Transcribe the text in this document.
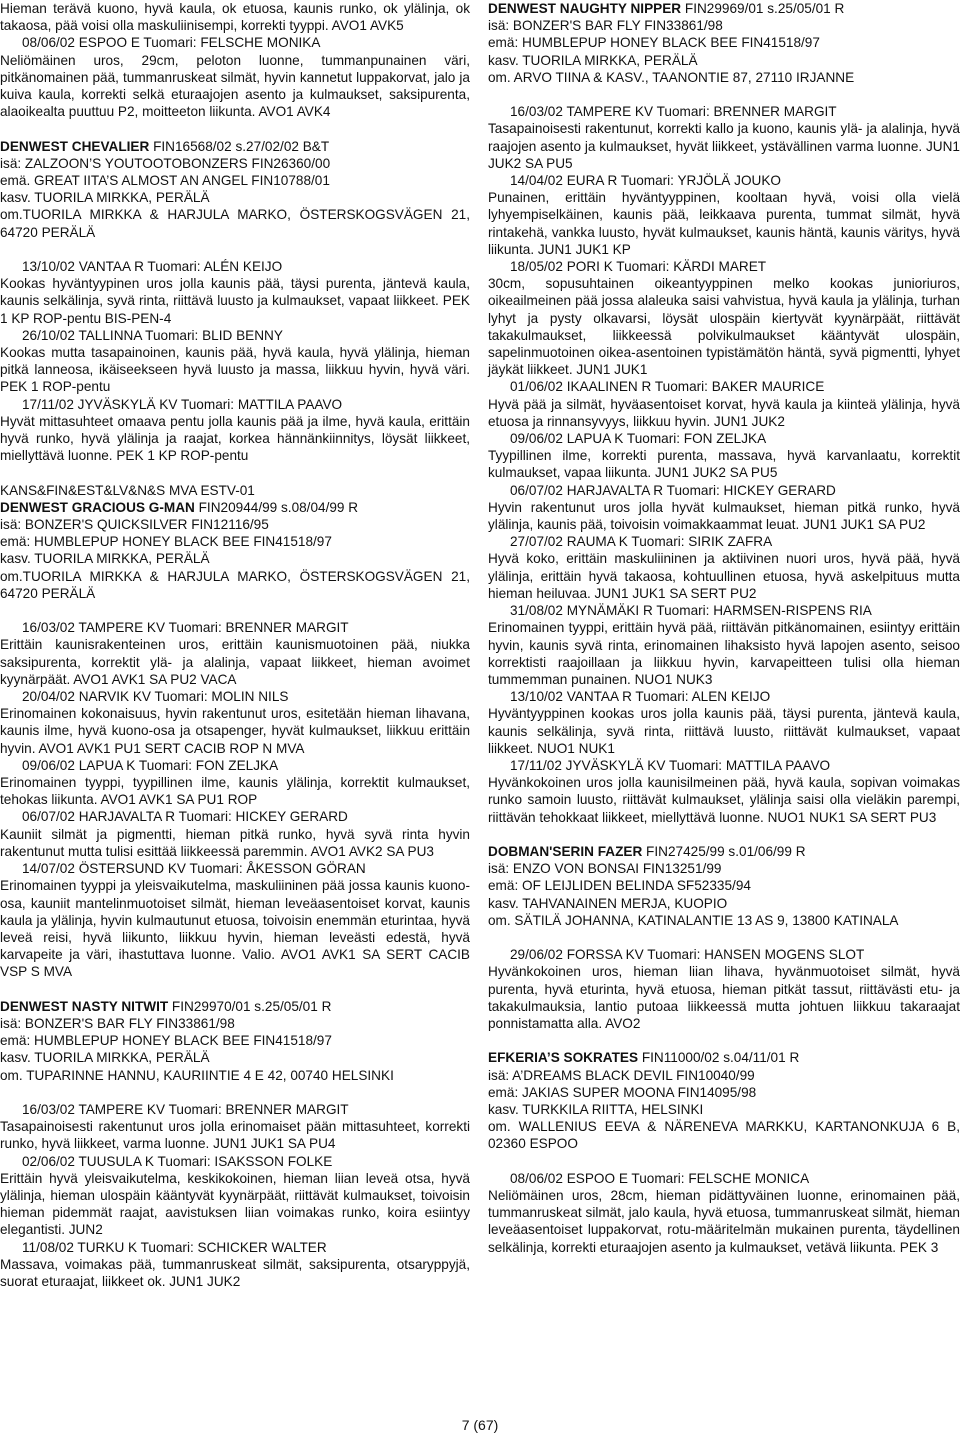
Hieman terävä kuono, hyvä kaula, ok etuosa, kaunis runko, ok ylälinja, ok takaosa, pää voisi olla maskuliinisempi, korrekti tyyppi. AVO1 AVK5

08/06/02 ESPOO E Tuomari: FELSCHE MONIKA

Neliömäinen uros, 29cm, peloton luonne, tummanpunainen väri, pitkänomainen pää, tummanruskeat silmät, hyvin kannetut luppakorvat, jalo ja kuiva kaula, korrekti selkä eturaajojen asento ja kulmaukset, saksipurenta, alaoikealta puuttuu P2, moitteeton liikunta. AVO1 AVK4

DENWEST CHEVALIER FIN16568/02 s.27/02/02 B&T

isä: ZALZOON’S YOUTOOTOBONZERS FIN26360/00

emä. GREAT IITA’S ALMOST AN ANGEL FIN10788/01

kasv. TUORILA MIRKKA, PERÄLÄ

om.TUORILA MIRKKA & HARJULA MARKO, ÖSTERSKOGSVÄGEN 21, 64720 PERÄLÄ

13/10/02 VANTAA R Tuomari: ALÉN KEIJO

Kookas hyväntyypinen uros jolla kaunis pää, täysi purenta, jäntevä kaula, kaunis selkälinja, syvä rinta, riittävä luusto ja kulmaukset, vapaat liikkeet. PEK 1 KP ROP-pentu BIS-PEN-4

26/10/02 TALLINNA Tuomari: BLID BENNY

Kookas mutta tasapainoinen, kaunis pää, hyvä kaula, hyvä ylälinja, hieman pitkä lanneosa, ikäiseekseen hyvä luusto ja massa, liikkuu hyvin, hyvä väri. PEK 1 ROP-pentu

17/11/02 JYVÄSKYLÄ KV Tuomari: MATTILA PAAVO

Hyvät mittasuhteet omaava pentu jolla kaunis pää ja ilme, hyvä kaula, erittäin hyvä runko, hyvä ylälinja ja raajat, korkea hännänkiinnitys, löysät liikkeet, miellyttävä luonne. PEK 1 KP ROP-pentu

KANS&FIN&EST&LV&N&S MVA ESTV-01

DENWEST GRACIOUS G-MAN FIN20944/99 s.08/04/99 R

isä: BONZER'S QUICKSILVER FIN12116/95

emä: HUMBLEPUP HONEY BLACK BEE FIN41518/97

kasv. TUORILA MIRKKA, PERÄLÄ

om.TUORILA MIRKKA & HARJULA MARKO, ÖSTERSKOGSVÄGEN 21, 64720 PERÄLÄ

16/03/02 TAMPERE KV Tuomari: BRENNER MARGIT

Erittäin kaunisrakenteinen uros, erittäin kaunismuotoinen pää, niukka saksipurenta, korrektit ylä- ja alalinja, vapaat liikkeet, hieman avoimet kyynärpäät. AVO1 AVK1 SA PU2 VACA

20/04/02 NARVIK KV Tuomari: MOLIN NILS

Erinomainen kokonaisuus, hyvin rakentunut uros, esitetään hieman lihavana, kaunis ilme, hyvä kuono-osa ja otsapenger, hyvät kulmaukset, liikkuu erittäin hyvin. AVO1 AVK1 PU1 SERT CACIB ROP N MVA

09/06/02 LAPUA K Tuomari: FON ZELJKA

Erinomainen tyyppi, tyypillinen ilme, kaunis ylälinja, korrektit kulmaukset, tehokas liikunta. AVO1 AVK1 SA PU1 ROP

06/07/02 HARJAVALTA R Tuomari: HICKEY GERARD

Kauniit silmät ja pigmentti, hieman pitkä runko, hyvä syvä rinta hyvin rakentunut mutta tulisi esittää liikkeessä paremmin. AVO1 AVK2 SA PU3

14/07/02 ÖSTERSUND KV Tuomari: ÅKESSON GÖRAN

Erinomainen tyyppi ja yleisvaikutelma, maskuliininen pää jossa kaunis kuono-osa, kauniit mantelinmuotoiset silmät, hieman leveäasentoiset korvat, kaunis kaula ja ylälinja, hyvin kulmautunut etuosa, toivoisin enemmän eturintaa, hyvä leveä reisi, hyvä liikunto, liikkuu hyvin, hieman leveästi edestä, hyvä karvapeite ja väri, ihastuttava luonne. Valio. AVO1 AVK1 SA SERT CACIB VSP S MVA

DENWEST NASTY NITWIT FIN29970/01 s.25/05/01 R

isä: BONZER'S BAR FLY FIN33861/98

emä: HUMBLEPUP HONEY BLACK BEE FIN41518/97

kasv. TUORILA MIRKKA, PERÄLÄ

om. TUPARINNE HANNU, KAURIINTIE 4 E 42, 00740 HELSINKI

16/03/02 TAMPERE KV Tuomari: BRENNER MARGIT

Tasapainoisesti rakentunut uros jolla erinomaiset pään mittasuhteet, korrekti runko, hyvä liikkeet, varma luonne. JUN1 JUK1 SA PU4

02/06/02 TUUSULA K Tuomari: ISAKSSON FOLKE

Erittäin hyvä yleisvaikutelma, keskikokoinen, hieman liian leveä otsa, hyvä ylälinja, hieman ulospäin kääntyvät kyynärpäät, riittävät kulmaukset, toivoisin hieman pidemmät raajat, aavistuksen liian voimakas runko, koira esiintyy elegantisti. JUN2

11/08/02 TURKU K Tuomari: SCHICKER WALTER

Massava, voimakas pää, tummanruskeat silmät, saksipurenta, otsaryppyjä, suorat eturaajat, liikkeet ok. JUN1 JUK2

DENWEST NAUGHTY NIPPER FIN29969/01 s.25/05/01 R

isä: BONZER'S BAR FLY FIN33861/98

emä: HUMBLEPUP HONEY BLACK BEE FIN41518/97

kasv. TUORILA MIRKKA, PERÄLÄ

om. ARVO TIINA & KASV., TAANONTIE 87, 27110 IRJANNE

16/03/02 TAMPERE KV Tuomari: BRENNER MARGIT

Tasapainoisesti rakentunut, korrekti kallo ja kuono, kaunis ylä- ja alalinja, hyvä raajojen asento ja kulmaukset, hyvät liikkeet, ystävällinen varma luonne. JUN1 JUK2 SA PU5

14/04/02 EURA R Tuomari: YRJÖLÄ JOUKO

Punainen, erittäin hyväntyyppinen, kooltaan hyvä, voisi olla vielä lyhyempiselkäinen, kaunis pää, leikkaava purenta, tummat silmät, hyvä rintakehä, vankka luusto, hyvät kulmaukset, kaunis häntä, kaunis väritys, hyvä liikunta. JUN1 JUK1 KP

18/05/02 PORI K Tuomari: KÄRDI MARET

30cm, sopusuhtainen oikeantyyppinen melko kookas junioriuros, oikeailmeinen pää jossa alaleuka saisi vahvistua, hyvä kaula ja ylälinja, turhan lyhyt ja pysty olkavarsi, löysät ulospäin kiertyvät kyynärpäät, riittävät takakulmaukset, liikkeessä polvikulmaukset kääntyvät ulospäin, sapelinmuotoinen oikea-asentoinen typistämätön häntä, syvä pigmentti, lyhyet jäykät liikkeet. JUN1 JUK1

01/06/02 IKAALINEN R Tuomari: BAKER MAURICE

Hyvä pää ja silmät, hyväasentoiset korvat, hyvä kaula ja kiinteä ylälinja, hyvä etuosa ja rinnansyvyys, liikkuu hyvin. JUN1 JUK2

09/06/02 LAPUA K Tuomari: FON ZELJKA

Tyypillinen ilme, korrekti purenta, massava, hyvä karvanlaatu, korrektit kulmaukset, vapaa liikunta. JUN1 JUK2 SA PU5

06/07/02 HARJAVALTA R Tuomari: HICKEY GERARD

Hyvin rakentunut uros jolla hyvät kulmaukset, hieman pitkä runko, hyvä ylälinja, kaunis pää, toivoisin voimakkaammat leuat. JUN1 JUK1 SA PU2

27/07/02 RAUMA K Tuomari: SIRIK ZAFRA

Hyvä koko, erittäin maskuliininen ja aktiivinen nuori uros, hyvä pää, hyvä ylälinja, erittäin hyvä takaosa, kohtuullinen etuosa, hyvä askelpituus mutta hieman heiluvaa. JUN1 JUK1 SA SERT PU2

31/08/02 MYNÄMÄKI R Tuomari: HARMSEN-RISPENS RIA

Erinomainen tyyppi, erittäin hyvä pää, riittävän pitkänomainen, esiintyy erittäin hyvin, kaunis syvä rinta, erinomainen lihaksisto hyvä lapojen asento, seisoo korrektisti raajoillaan ja liikkuu hyvin, karvapeitteen tulisi olla hieman tummemman punainen. NUO1 NUK3

13/10/02 VANTAA R Tuomari: ALEN KEIJO

Hyväntyyppinen kookas uros jolla kaunis pää, täysi purenta, jäntevä kaula, kaunis selkälinja, syvä rinta, riittävä luusto, riittävät kulmaukset, vapaat liikkeet. NUO1 NUK1

17/11/02 JYVÄSKYLÄ KV Tuomari: MATTILA PAAVO

Hyvänkokoinen uros jolla kaunisilmeinen pää, hyvä kaula, sopivan voimakas runko samoin luusto, riittävät kulmaukset, ylälinja saisi olla vieläkin parempi, riittävän tehokkaat liikkeet, miellyttävä luonne. NUO1 NUK1 SA SERT PU3

DOBMAN'SERIN FAZER FIN27425/99 s.01/06/99 R

isä: ENZO VON BONSAI FIN13251/99

emä: OF LEIJLIDEN BELINDA SF52335/94

kasv. TAHVANAINEN MERJA, KUOPIO

om. SÄTILÄ JOHANNA, KATINALANTIE 13 AS 9, 13800 KATINALA

29/06/02 FORSSA KV Tuomari: HANSEN MOGENS SLOT

Hyvänkokoinen uros, hieman liian lihava, hyvänmuotoiset silmät, hyvä purenta, hyvä eturinta, hyvä etuosa, hieman pitkät tassut, riittävästi etu- ja takakulmauksia, lantio putoaa liikkeessä mutta johtuen liikkuu takaraajat ponnistamatta alla. AVO2

EFKERIA’S SOKRATES FIN11000/02 s.04/11/01 R

isä: A’DREAMS BLACK DEVIL FIN10040/99

emä: JAKIAS SUPER MOONA FIN14095/98

kasv. TURKKILA RIITTA, HELSINKI

om. WALLENIUS EEVA & NÄRENEVA MARKKU, KARTANONKUJA 6 B, 02360 ESPOO

08/06/02 ESPOO E Tuomari: FELSCHE MONICA

Neliömäinen uros, 28cm, hieman pidättyväinen luonne, erinomainen pää, tummanruskeat silmät, jalo kaula, hyvä etuosa, tummanruskeat silmät, hieman leveäasentoiset luppakorvat, rotu-määritelmän mukainen purenta, täydellinen selkälinja, korrekti eturaajojen asento ja kulmaukset, vetävä liikunta. PEK 3

7 (67)
